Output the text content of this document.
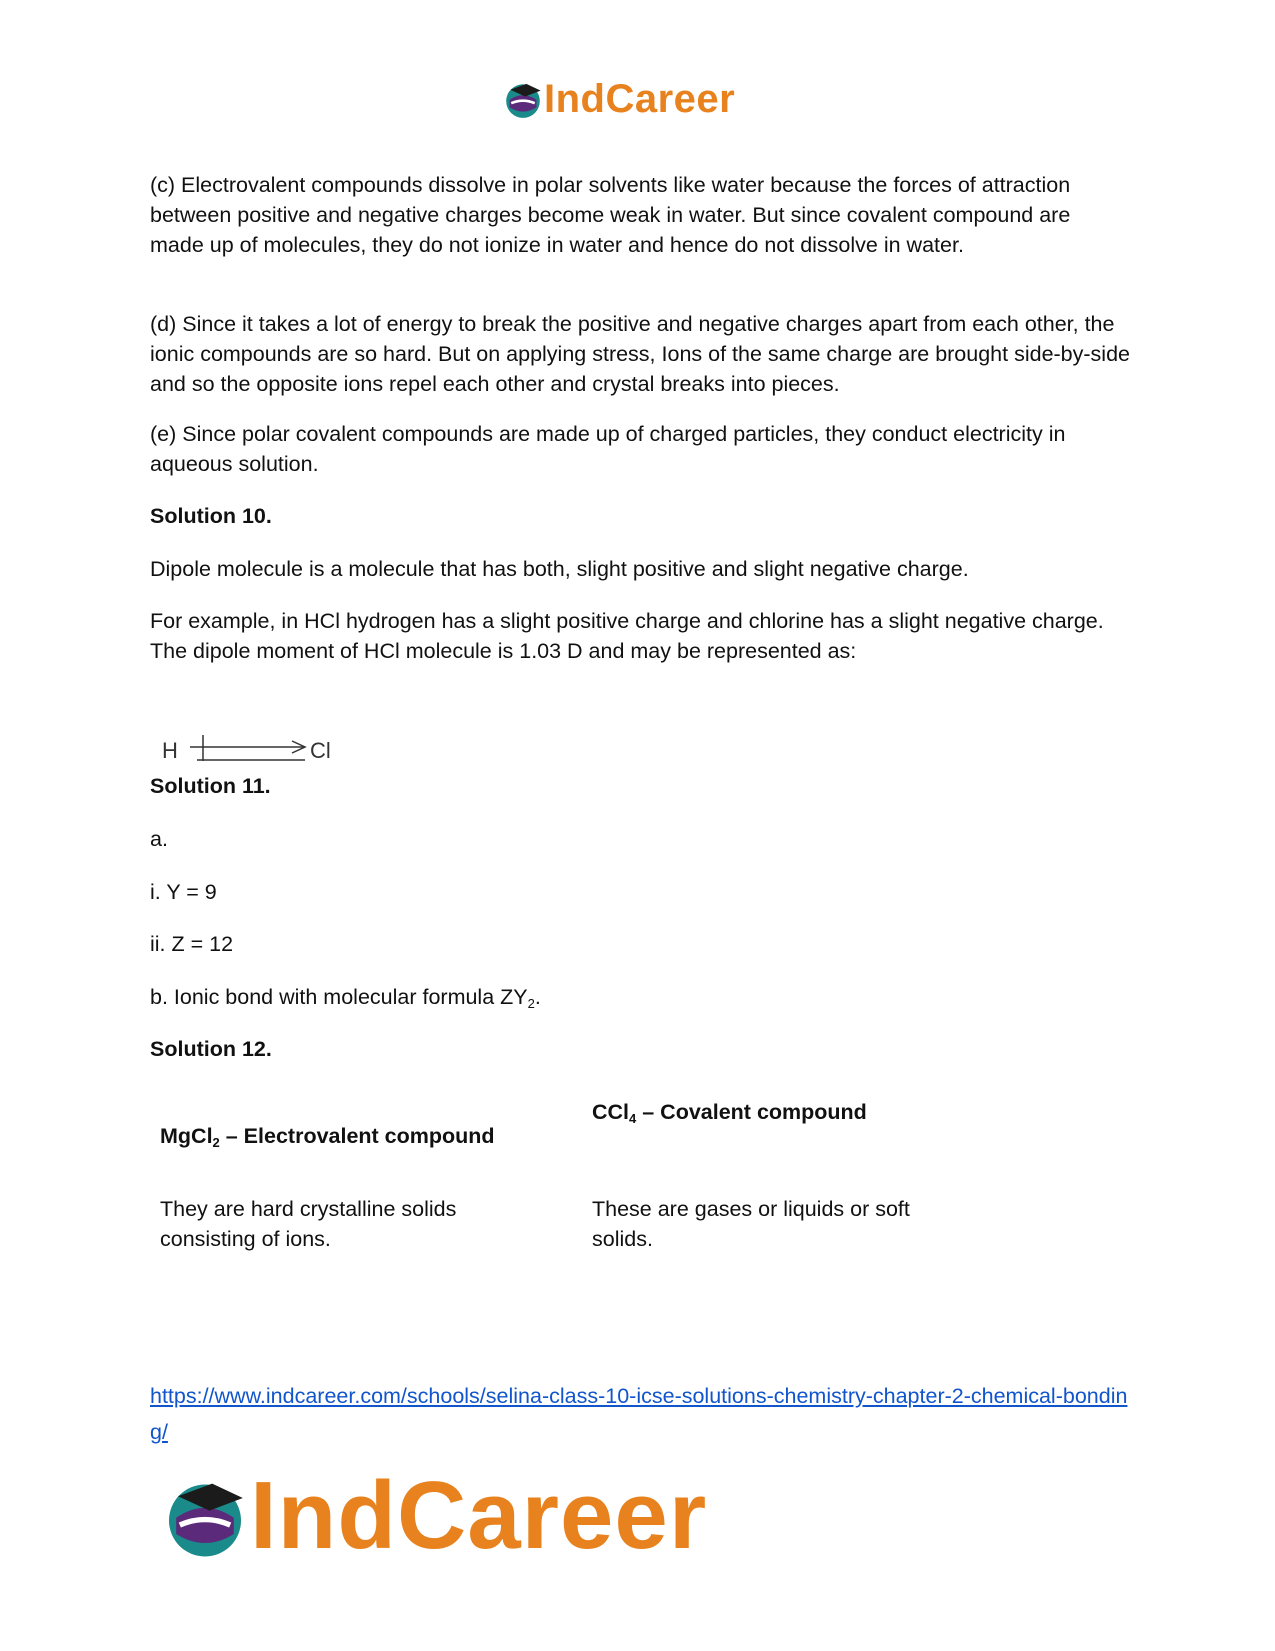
IndCareer

(c) Electrovalent compounds dissolve in polar solvents like water because the forces of attraction between positive and negative charges become weak in water. But since covalent compound are made up of molecules, they do not ionize in water and hence do not dissolve in water.

(d) Since it takes a lot of energy to break the positive and negative charges apart from each other, the ionic compounds are so hard. But on applying stress, Ions of the same charge are brought side-by-side and so the opposite ions repel each other and crystal breaks into pieces.

(e) Since polar covalent compounds are made up of charged particles, they conduct electricity in aqueous solution.

Solution 10.

Dipole molecule is a molecule that has both, slight positive and slight negative charge.

For example, in HCl hydrogen has a slight positive charge and chlorine has a slight negative charge. The dipole moment of HCl molecule is 1.03 D and may be represented as:

H	Cl

Solution 11.

a.

i. Y = 9

ii. Z = 12

b. Ionic bond with molecular formula $ZY_2$.

Solution 12.

MgCl$_2$ – Electrovalent compound
CCl$_4$ – Covalent compound
They are hard crystalline solids consisting of ions.
These are gases or liquids or soft solids.
https://www.indcareer.com/schools/selina-class-10-icse-solutions-chemistry-chapter-2-chemical-bonding/
IndCareer
